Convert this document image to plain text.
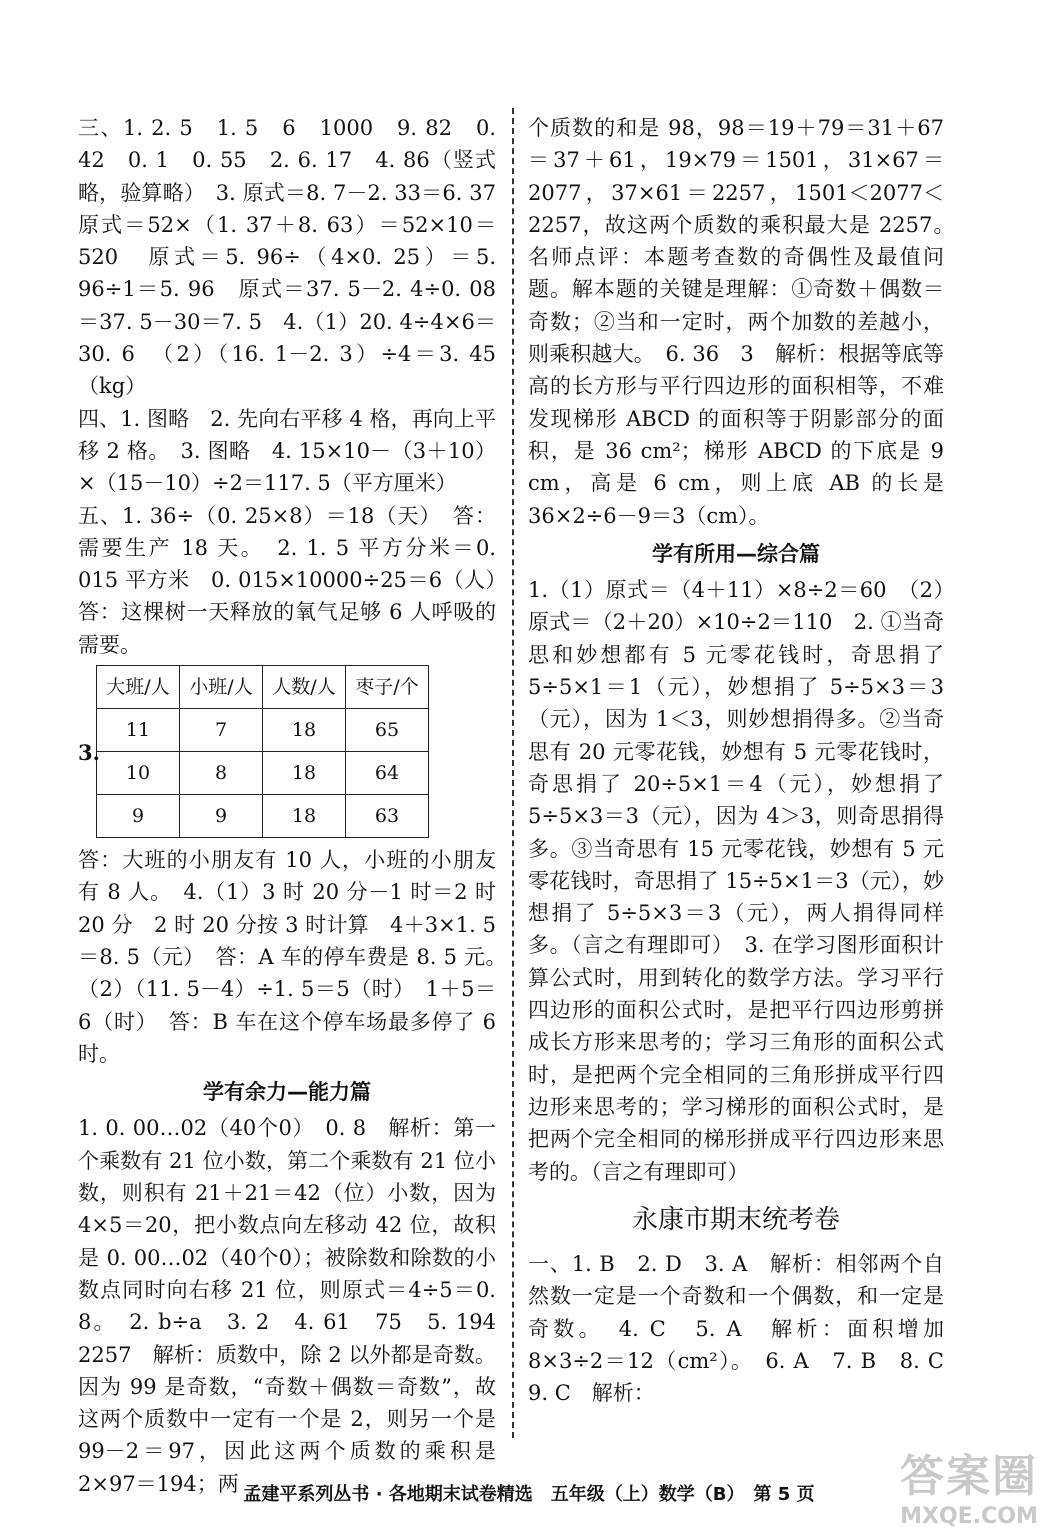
三、1. 2. 5　1. 5　6　1000　9. 82　0. 42　0. 1　0. 55　2. 6. 17　4. 86（竖式略，验算略）　3. 原式＝8. 7－2. 33＝6. 37　原式＝52×（1. 37＋8. 63）＝52×10＝520　原式＝5. 96÷（4×0. 25）＝5. 96÷1＝5. 96　原式＝37. 5－2. 4÷0. 08＝37. 5－30＝7. 5　4.（1）20. 4÷4×6＝30. 6　（2）（16. 1－2. 3）÷4＝3. 45（kg）

四、1. 图略　2. 先向右平移 4 格，再向上平移 2 格。　3. 图略　4. 15×10－（3＋10）×（15－10）÷2＝117. 5（平方厘米）

五、1. 36÷（0. 25×8）＝18（天）　答：需要生产 18 天。　2. 1. 5 平方分米＝0. 015 平方米　0. 015×10000÷25＝6（人）　答：这棵树一天释放的氧气足够 6 人呼吸的需要。

3.
大班/人	小班/人	人数/人	枣子/个
11	7	18	65
10	8	18	64
9	9	18	63

答：大班的小朋友有 10 人，小班的小朋友有 8 人。　4.（1）3 时 20 分－1 时＝2 时 20 分　2 时 20 分按 3 时计算　4＋3×1. 5＝8. 5（元）　答：A 车的停车费是 8. 5 元。　（2）（11. 5－4）÷1. 5＝5（时）　1＋5＝6（时）　答：B 车在这个停车场最多停了 6 时。

学有余力—能力篇

1. 0. 00…02（40个0）　0. 8　解析：第一个乘数有 21 位小数，第二个乘数有 21 位小数，则积有 21＋21＝42（位）小数，因为 4×5＝20，把小数点向左移动 42 位，故积是 0. 00…02（40个0）；被除数和除数的小数点同时向右移 21 位，则原式＝4÷5＝0. 8。　2. b÷a　3. 2　4. 61　75　5. 194　2257　解析：质数中，除 2 以外都是奇数。因为 99 是奇数，“奇数＋偶数＝奇数”，故这两个质数中一定有一个是 2，则另一个是 99－2＝97，因此这两个质数的乘积是 2×97＝194；两

个质数的和是 98，98＝19＋79＝31＋67＝37＋61，19×79＝1501，31×67＝2077，37×61＝2257，1501＜2077＜2257，故这两个质数的乘积最大是 2257。　名师点评：本题考查数的奇偶性及最值问题。解本题的关键是理解：①奇数＋偶数＝奇数；②当和一定时，两个加数的差越小，则乘积越大。　6. 36　3　解析：根据等底等高的长方形与平行四边形的面积相等，不难发现梯形 ABCD 的面积等于阴影部分的面积，是 36 cm²；梯形 ABCD 的下底是 9 cm，高是 6 cm，则上底 AB 的长是 36×2÷6－9＝3（cm）。

学有所用—综合篇

1.（1）原式＝（4＋11）×8÷2＝60　（2）原式＝（2＋20）×10÷2＝110　2. ①当奇思和妙想都有 5 元零花钱时，奇思捐了 5÷5×1＝1（元），妙想捐了 5÷5×3＝3（元），因为 1＜3，则妙想捐得多。②当奇思有 20 元零花钱，妙想有 5 元零花钱时，奇思捐了 20÷5×1＝4（元），妙想捐了 5÷5×3＝3（元），因为 4＞3，则奇思捐得多。③当奇思有 15 元零花钱，妙想有 5 元零花钱时，奇思捐了 15÷5×1＝3（元），妙想捐了 5÷5×3＝3（元），两人捐得同样多。（言之有理即可）　3. 在学习图形面积计算公式时，用到转化的数学方法。学习平行四边形的面积公式时，是把平行四边形剪拼成长方形来思考的；学习三角形的面积公式时，是把两个完全相同的三角形拼成平行四边形来思考的；学习梯形的面积公式时，是把两个完全相同的梯形拼成平行四边形来思考的。（言之有理即可）

永康市期末统考卷

一、1. B　2. D　3. A　解析：相邻两个自然数一定是一个奇数和一个偶数，和一定是奇数。　4. C　5. A　解析：面积增加 8×3÷2＝12（cm²）。　6. A　7. B　8. C　9. C　解析：

孟建平系列丛书 · 各地期末试卷精选　五年级（上）数学（B）　第 5 页	答案圈
MXQE.COM
